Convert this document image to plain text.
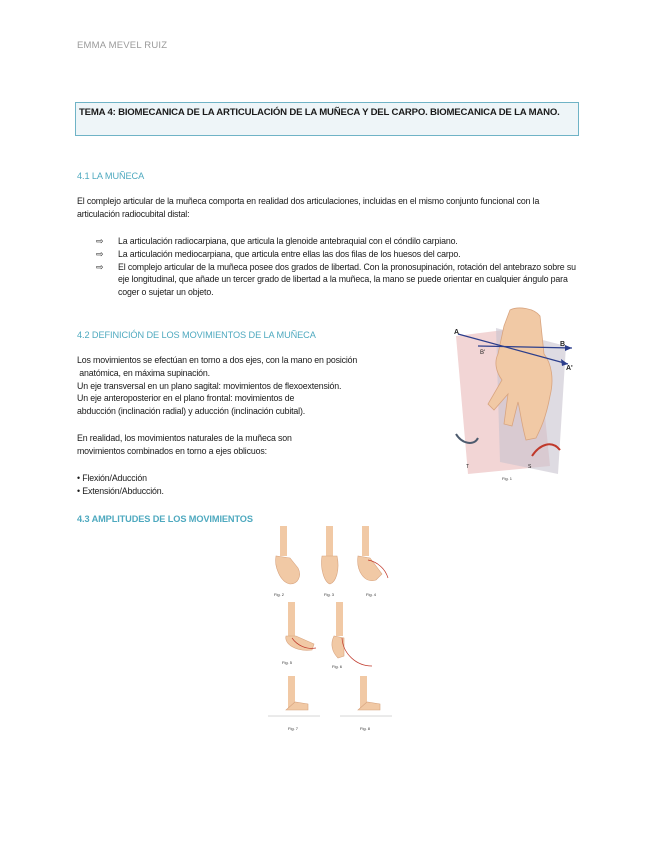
EMMA MEVEL RUIZ
TEMA 4: BIOMECANICA DE LA ARTICULACIÓN DE LA MUÑECA Y DEL CARPO. BIOMECANICA DE LA MANO.
4.1 LA MUÑECA
El complejo articular de la muñeca comporta en realidad dos articulaciones, incluidas en el mismo conjunto funcional con la articulación radiocubital distal:
⇨ La articulación radiocarpiana, que articula la glenoide antebraquial con el cóndilo carpiano.
⇨ La articulación mediocarpiana, que articula entre ellas las dos filas de los huesos del carpo.
⇨ El complejo articular de la muñeca posee dos grados de libertad. Con la pronosupinación, rotación del antebrazo sobre su eje longitudinal, que añade un tercer grado de libertad a la muñeca, la mano se puede orientar en cualquier ángulo para coger o sujetar un objeto.
4.2 DEFINICIÓN DE LOS MOVIMIENTOS DE LA MUÑECA
Los movimientos se efectúan en torno a dos ejes, con la mano en posición
anatómica, en máxima supinación.
Un eje transversal en un plano sagital: movimientos de flexoextensión.
Un eje anteroposterior en el plano frontal: movimientos de
abducción (inclinación radial) y aducción (inclinación cubital).
En realidad, los movimientos naturales de la muñeca son
movimientos combinados en torno a ejes oblicuos:
• Flexión/Aducción
• Extensión/Abducción.
A
A'
B
B'
T	S
Fig. 1
4.3 AMPLITUDES DE LOS MOVIMIENTOS
Fig. 2	Fig. 3	Fig. 4
Fig. 5
Fig. 6
Fig. 7	Fig. 8
